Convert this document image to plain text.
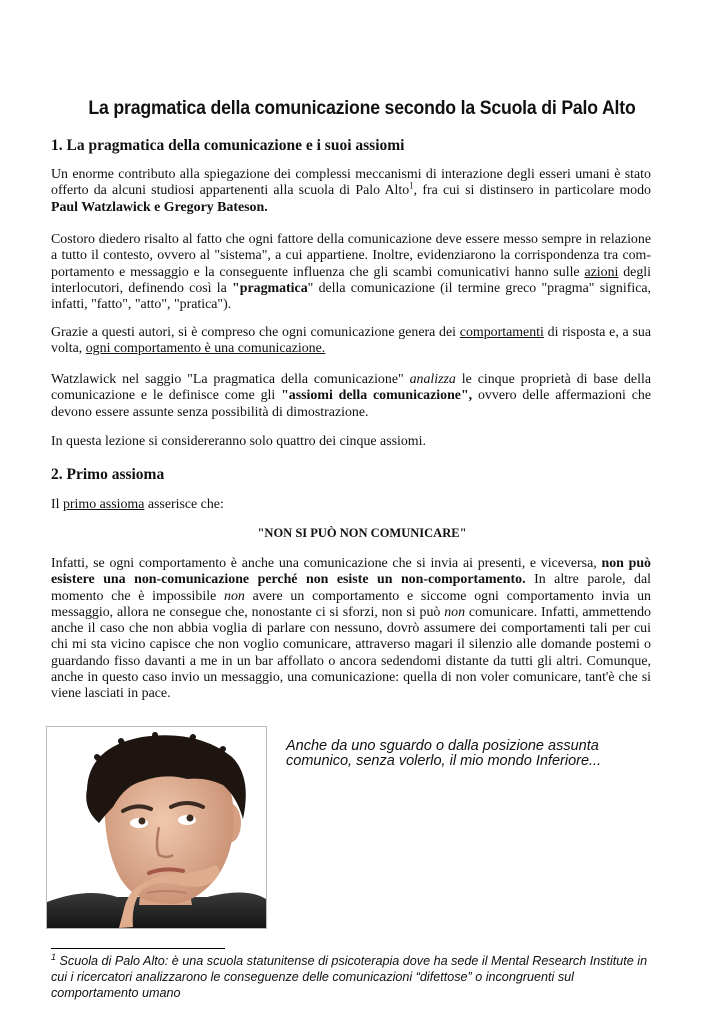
La pragmatica della comunicazione secondo la Scuola di Palo Alto
1. La pragmatica della comunicazione e i suoi assiomi

Un enorme contributo alla spiegazione dei complessi meccanismi di interazione degli esseri umani è stato offerto da alcuni studiosi appartenenti alla scuola di Palo Alto$^1$, fra cui si distinsero in particolare modo Paul Watzlawick e Gregory Bateson.

Costoro diedero risalto al fatto che ogni fattore della comunicazione deve essere messo sempre in relazione a tutto il contesto, ovvero al "sistema", a cui appartiene. Inoltre, evidenziarono la corrispondenza tra com-portamento e messaggio e la conseguente influenza che gli scambi comunicativi hanno sulle azioni degli interlocutori, definendo così la "pragmatica" della comunicazione (il termine greco "pragma" significa, infatti, "fatto", "atto", "pratica").

Grazie a questi autori, si è compreso che ogni comunicazione genera dei comportamenti di risposta e, a sua volta, ogni comportamento è una comunicazione.

Watzlawick nel saggio "La pragmatica della comunicazione" analizza le cinque proprietà di base della comunicazione e le definisce come gli "assiomi della comunicazione", ovvero delle affermazioni che devono essere assunte senza possibilità di dimostrazione.

In questa lezione si considereranno solo quattro dei cinque assiomi.

2. Primo assioma

Il primo assioma asserisce che:

"NON SI PUÒ NON COMUNICARE"

Infatti, se ogni comportamento è anche una comunicazione che si invia ai presenti, e viceversa, non può esistere una non-comunicazione perché non esiste un non-comportamento. In altre parole, dal momento che è impossibile non avere un comportamento e siccome ogni comportamento invia un messaggio, allora ne consegue che, nonostante ci si sforzi, non si può non comunicare. Infatti, ammettendo anche il caso che non abbia voglia di parlare con nessuno, dovrò assumere dei comportamenti tali per cui chi mi sta vicino capisce che non voglio comunicare, attraverso magari il silenzio alle domande postemi o guardando fisso davanti a me in un bar affollato o ancora sedendomi distante da tutti gli altri. Comunque, anche in questo caso invio un messaggio, una comunicazione: quella di non voler comunicare, tant'è che si viene lasciati in pace.

Anche da uno sguardo o dalla posizione assunta comunico, senza volerlo, il mio mondo Inferiore...
$^1$ Scuola di Palo Alto: è una scuola statunitense di psicoterapia dove ha sede il Mental Research Institute in cui i ricercatori analizzarono le conseguenze delle comunicazioni “difettose” o incongruenti sul comportamento umano
